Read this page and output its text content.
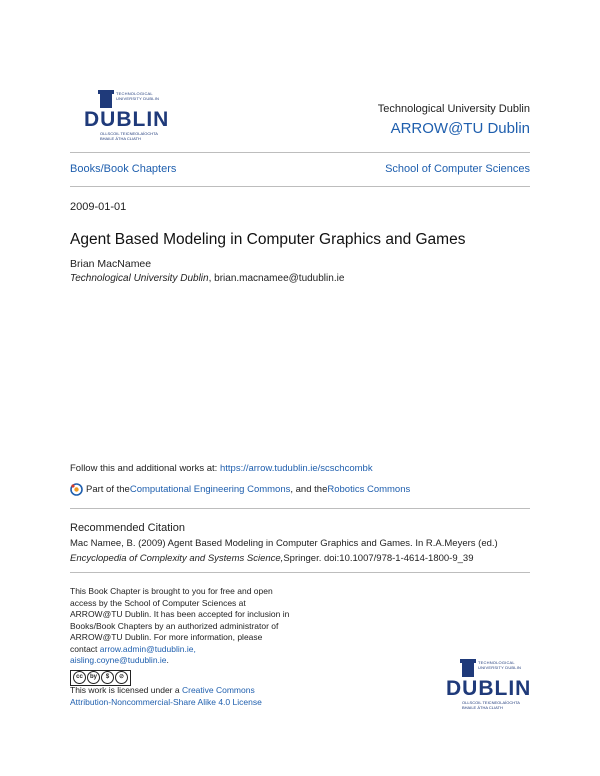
TECHNOLOGICAL UNIVERSITY DUBLIN
DUBLIN
OLLSCOIL TEICNEOLAÍOCHTA BHAILE ÁTHA CLIATH
Technological University Dublin
ARROW@TU Dublin
Books/Book Chapters	School of Computer Sciences
2009-01-01
Agent Based Modeling in Computer Graphics and Games
Brian MacNamee
Technological University Dublin, brian.macnamee@tudublin.ie
Follow this and additional works at: https://arrow.tudublin.ie/scschcombk
Part of the Computational Engineering Commons , and the Robotics Commons
Recommended Citation
Mac Namee, B. (2009) Agent Based Modeling in Computer Graphics and Games. In R.A.Meyers (ed.)
Encyclopedia of Complexity and Systems Science,Springer. doi:10.1007/978-1-4614-1800-9_39
This Book Chapter is brought to you for free and open
access by the School of Computer Sciences at
ARROW@TU Dublin. It has been accepted for inclusion in
Books/Book Chapters by an authorized administrator of
ARROW@TU Dublin. For more information, please
contact arrow.admin@tudublin.ie,
aisling.coyne@tudublin.ie.
cc	by	$	⊘
This work is licensed under a Creative Commons
Attribution-Noncommercial-Share Alike 4.0 License
TECHNOLOGICAL UNIVERSITY DUBLIN
DUBLIN
OLLSCOIL TEICNEOLAÍOCHTA BHAILE ÁTHA CLIATH
